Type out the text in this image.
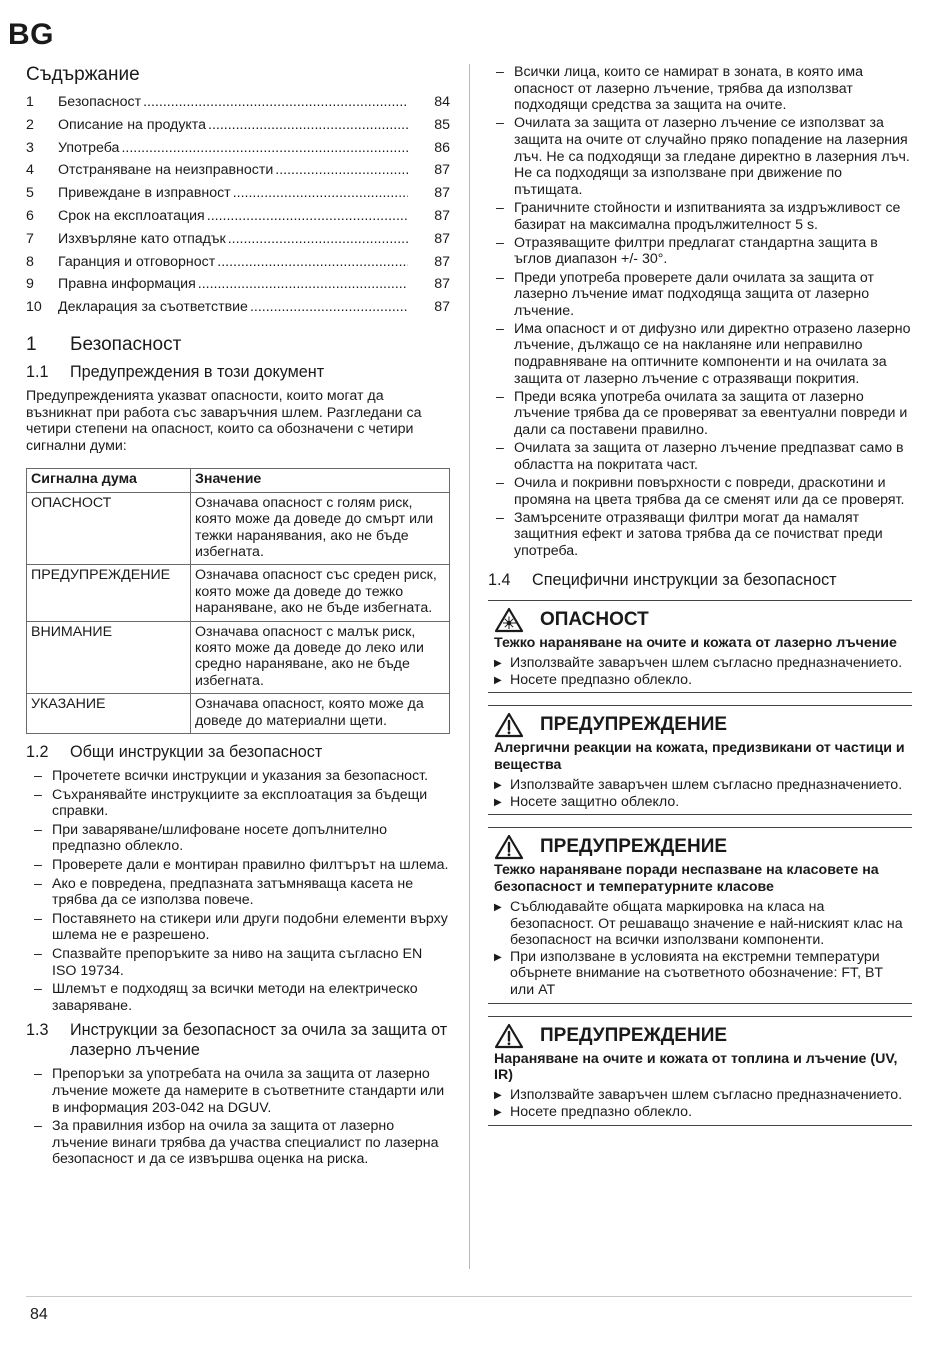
BG
Съдържание
1	Безопасност .....	84
2	Описание на продукта .....	85
3	Употреба .....	86
4	Отстраняване на неизправности .....	87
5	Привеждане в изправност .....	87
6	Срок на експлоатация .....	87
7	Изхвърляне като отпадък .....	87
8	Гаранция и отговорност .....	87
9	Правна информация .....	87
10	Декларация за съответствие .....	87
1	Безопасност
1.1	Предупреждения в този документ
Предупрежденията указват опасности, които могат да възникнат при работа със заваръчния шлем. Разгледани са четири степени на опасност, които са обозначени с четири сигнални думи:
Сигнална дума	Значение
ОПАСНОСТ	Означава опасност с голям риск, която може да доведе до смърт или тежки наранявания, ако не бъде избегната.
ПРЕДУПРЕЖДЕНИЕ	Означава опасност със среден риск, която може да доведе до тежко нараняване, ако не бъде избегната.
ВНИМАНИЕ	Означава опасност с малък риск, която може да доведе до леко или средно нараняване, ако не бъде избегната.
УКАЗАНИЕ	Означава опасност, която може да доведе до материални щети.
1.2	Общи инструкции за безопасност
– Прочетете всички инструкции и указания за безопасност.
– Съхранявайте инструкциите за експлоатация за бъдещи справки.
– При заваряване/шлифоване носете допълнително предпазно облекло.
– Проверете дали е монтиран правилно филтърът на шлема.
– Ако е повредена, предпазната затъмняваща касета не трябва да се използва повече.
– Поставянето на стикери или други подобни елементи върху шлема не е разрешено.
– Спазвайте препоръките за ниво на защита съгласно EN ISO 19734.
– Шлемът е подходящ за всички методи на електрическо заваряване.
1.3	Инструкции за безопасност за очила за защита от лазерно лъчение
– Препоръки за употребата на очила за защита от лазерно лъчение можете да намерите в съответните стандарти или в информация 203-042 на DGUV.
– За правилния избор на очила за защита от лазерно лъчение винаги трябва да участва специалист по лазерна безопасност и да се извършва оценка на риска.
– Всички лица, които се намират в зоната, в която има опасност от лазерно лъчение, трябва да използват подходящи средства за защита на очите.
– Очилата за защита от лазерно лъчение се използват за защита на очите от случайно пряко попадение на лазерния лъч. Не са подходящи за гледане директно в лазерния лъч. Не са подходящи за използване при движение по пътищата.
– Граничните стойности и изпитванията за издръжливост се базират на максимална продължителност 5 s.
– Отразяващите филтри предлагат стандартна защита в ъглов диапазон +/- 30°.
– Преди употреба проверете дали очилата за защита от лазерно лъчение имат подходяща защита от лазерно лъчение.
– Има опасност и от дифузно или директно отразено лазерно лъчение, дължащо се на накланяне или неправилно подравняване на оптичните компоненти и на очилата за защита от лазерно лъчение с отразяващи покрития.
– Преди всяка употреба очилата за защита от лазерно лъчение трябва да се проверяват за евентуални повреди и дали са поставени правилно.
– Очилата за защита от лазерно лъчение предпазват само в областта на покритата част.
– Очила и покривни повърхности с повреди, драскотини и промяна на цвета трябва да се сменят или да се проверят.
– Замърсените отразяващи филтри могат да намалят защитния ефект и затова трябва да се почистват преди употреба.
1.4	Специфични инструкции за безопасност
ОПАСНОСТ
Тежко нараняване на очите и кожата от лазерно лъчение
▶ Използвайте заваръчен шлем съгласно предназначението.
▶ Носете предпазно облекло.
ПРЕДУПРЕЖДЕНИЕ
Алергични реакции на кожата, предизвикани от частици и вещества
▶ Използвайте заваръчен шлем съгласно предназначението.
▶ Носете защитно облекло.
ПРЕДУПРЕЖДЕНИЕ
Тежко нараняване поради неспазване на класовете на безопасност и температурните класове
▶ Съблюдавайте общата маркировка на класа на безопасност. От решаващо значение е най-ниският клас на безопасност на всички използвани компоненти.
▶ При използване в условията на екстремни температури обърнете внимание на съответното обозначение: FT, BT или AT
ПРЕДУПРЕЖДЕНИЕ
Нараняване на очите и кожата от топлина и лъчение (UV, IR)
▶ Използвайте заваръчен шлем съгласно предназначението.
▶ Носете предпазно облекло.
84
